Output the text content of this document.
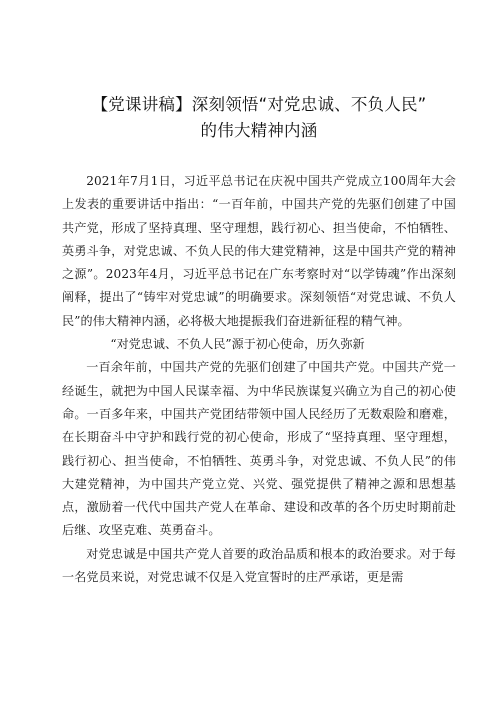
【党课讲稿】深刻领悟“对党忠诚、不负人民”
的伟大精神内涵

2021年7月1日，习近平总书记在庆祝中国共产党成立100周年大会上发表的重要讲话中指出：“一百年前，中国共产党的先驱们创建了中国共产党，形成了坚持真理、坚守理想，践行初心、担当使命，不怕牺牲、英勇斗争，对党忠诚、不负人民的伟大建党精神，这是中国共产党的精神之源”。2023年4月，习近平总书记在广东考察时对“以学铸魂”作出深刻阐释，提出了“铸牢对党忠诚”的明确要求。深刻领悟“对党忠诚、不负人民”的伟大精神内涵，必将极大地提振我们奋进新征程的精气神。

“对党忠诚、不负人民”源于初心使命，历久弥新

一百余年前，中国共产党的先驱们创建了中国共产党。中国共产党一经诞生，就把为中国人民谋幸福、为中华民族谋复兴确立为自己的初心使命。一百多年来，中国共产党团结带领中国人民经历了无数艰险和磨难，在长期奋斗中守护和践行党的初心使命，形成了“坚持真理、坚守理想，践行初心、担当使命，不怕牺牲、英勇斗争，对党忠诚、不负人民”的伟大建党精神，为中国共产党立党、兴党、强党提供了精神之源和思想基点，激励着一代代中国共产党人在革命、建设和改革的各个历史时期前赴后继、攻坚克难、英勇奋斗。

对党忠诚是中国共产党人首要的政治品质和根本的政治要求。对于每一名党员来说，对党忠诚不仅是入党宣誓时的庄严承诺，更是需
